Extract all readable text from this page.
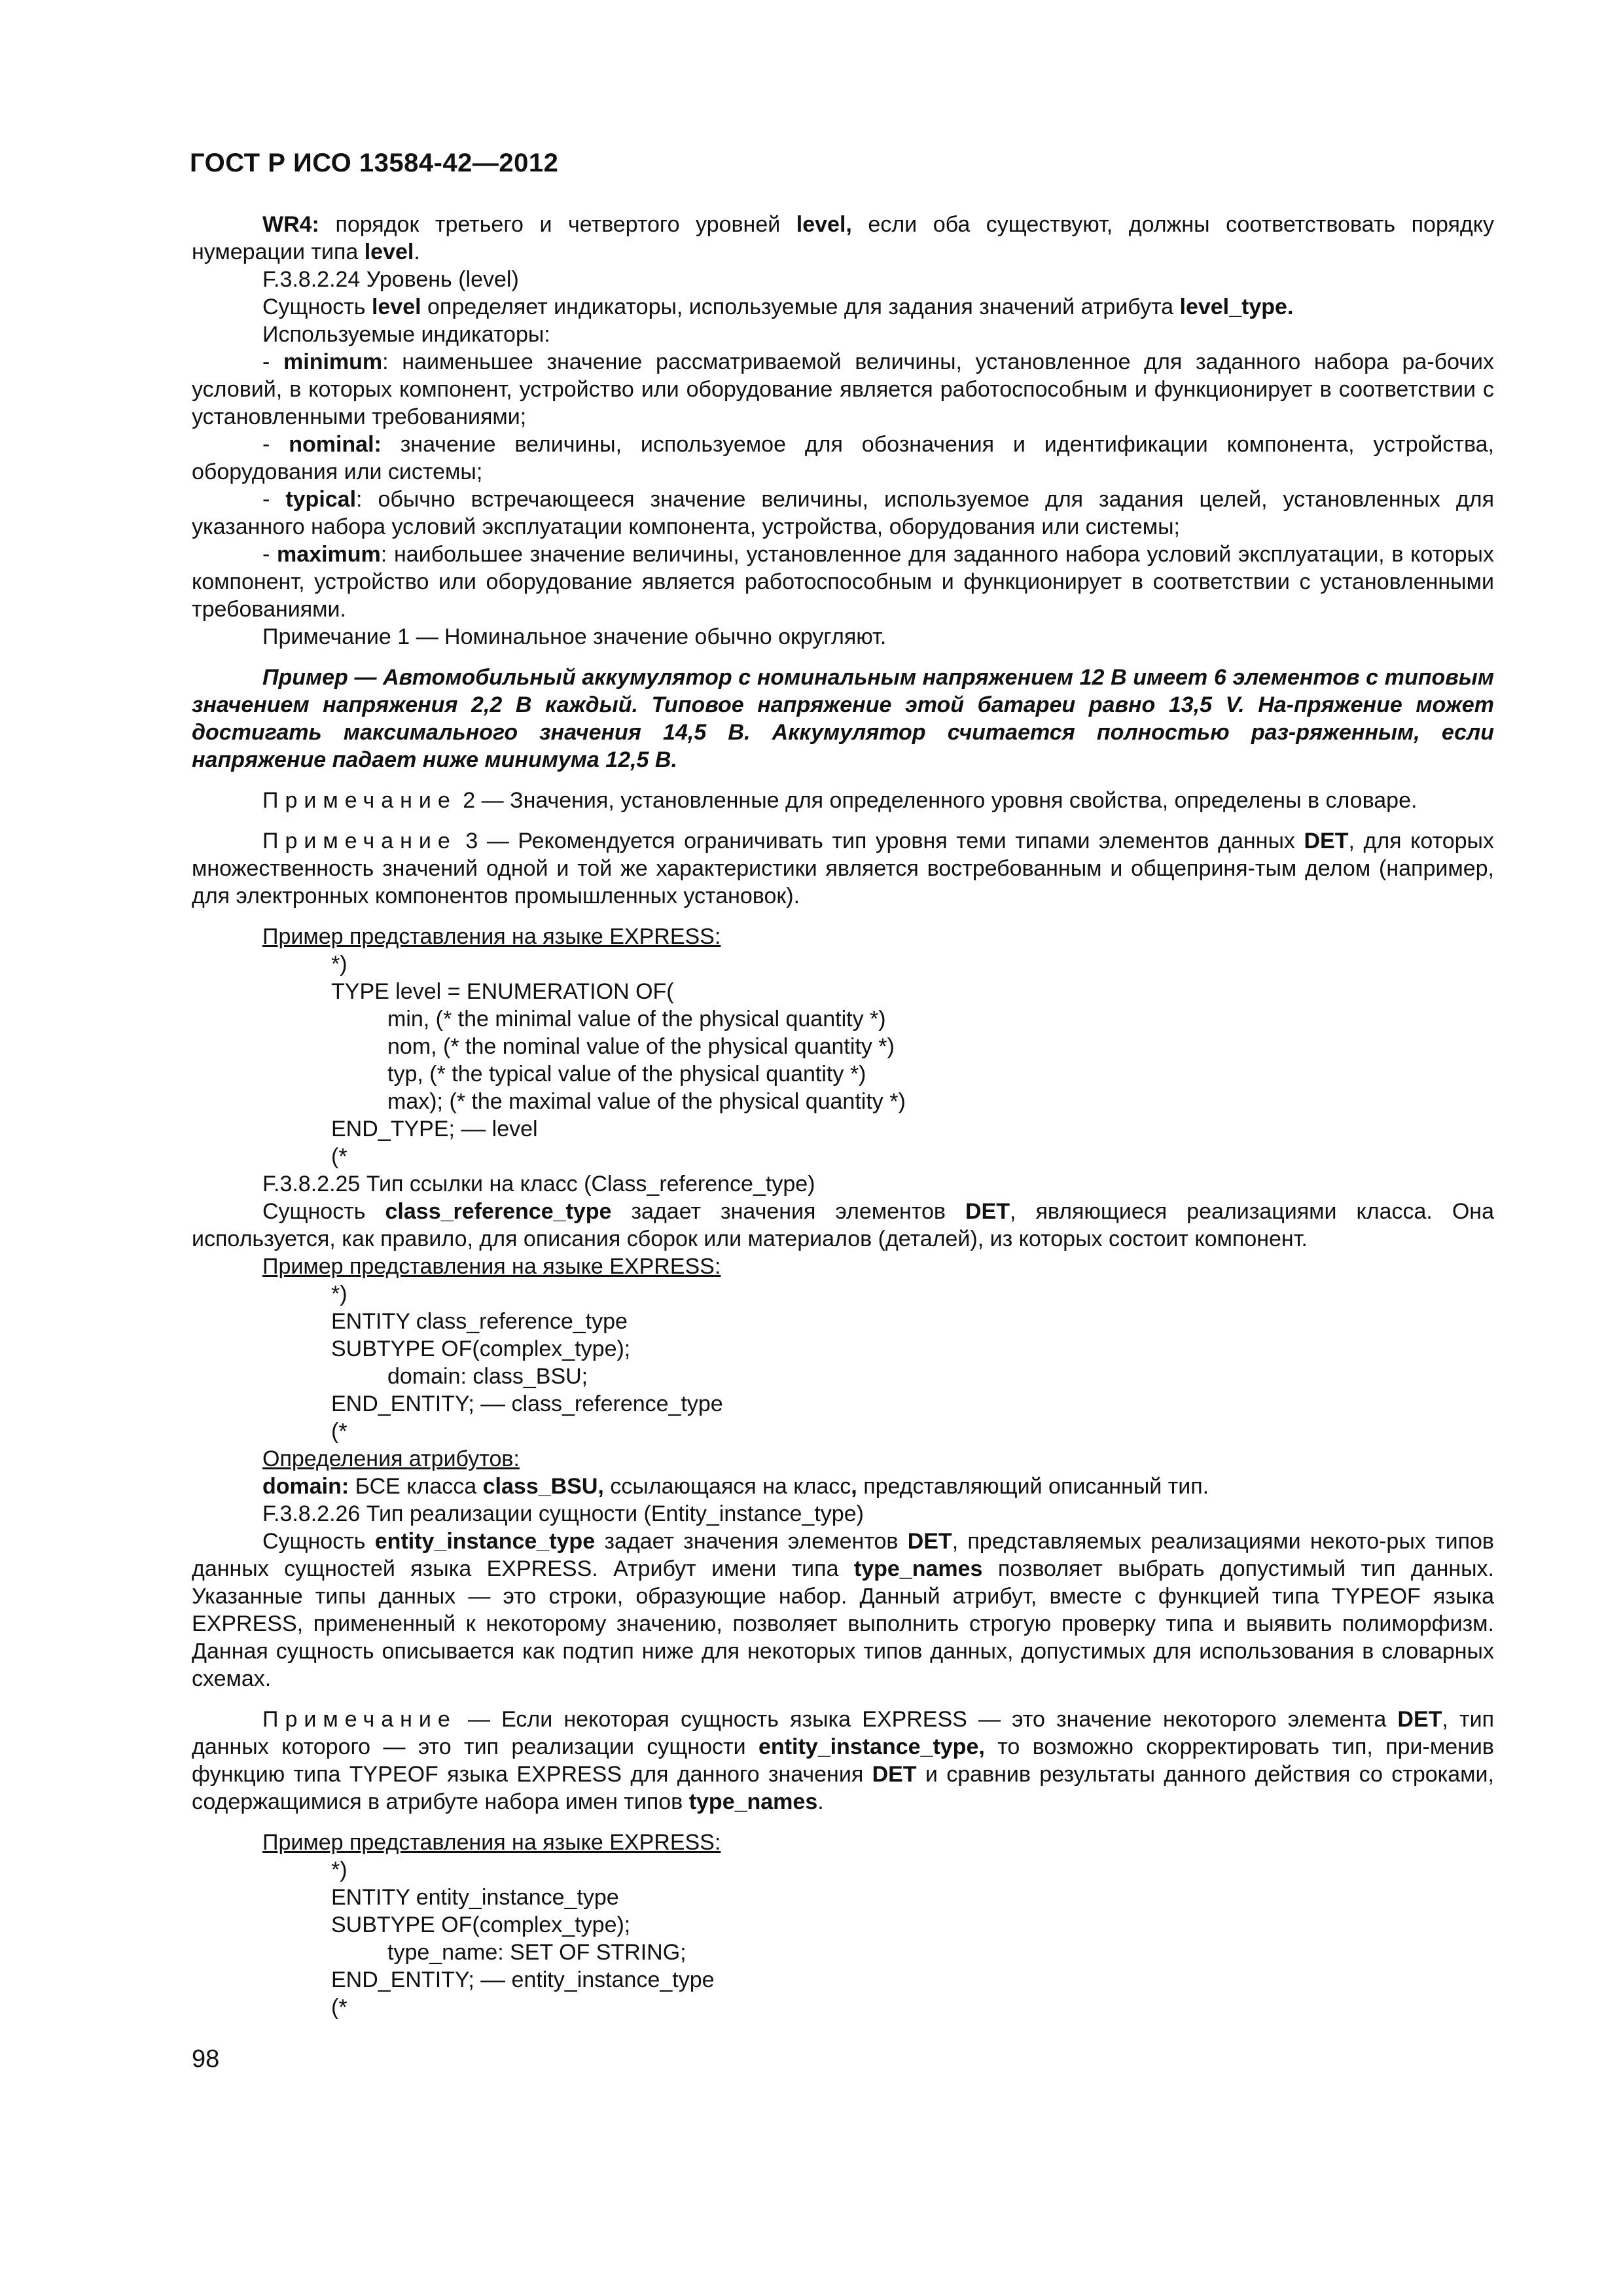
ГОСТ Р ИСО 13584-42—2012

WR4: порядок третьего и четвертого уровней level, если оба существуют, должны соответствовать порядку нумерации типа level.

F.3.8.2.24 Уровень (level)

Сущность level определяет индикаторы, используемые для задания значений атрибута level_type.

Используемые индикаторы:

- minimum: наименьшее значение рассматриваемой величины, установленное для заданного набора ра-бочих условий, в которых компонент, устройство или оборудование является работоспособным и функционирует в соответствии с установленными требованиями;

- nominal: значение величины, используемое для обозначения и идентификации компонента, устройства, оборудования или системы;

- typical: обычно встречающееся значение величины, используемое для задания целей, установленных для указанного набора условий эксплуатации компонента, устройства, оборудования или системы;

- maximum: наибольшее значение величины, установленное для заданного набора условий эксплуатации, в которых компонент, устройство или оборудование является работоспособным и функционирует в соответствии с установленными требованиями.

Примечание 1 — Номинальное значение обычно округляют.

Пример — Автомобильный аккумулятор с номинальным напряжением 12 В имеет 6 элементов с типовым значением напряжения 2,2 В каждый. Типовое напряжение этой батареи равно 13,5 V. На-пряжение может достигать максимального значения 14,5 В. Аккумулятор считается полностью раз-ряженным, если напряжение падает ниже минимума 12,5 В.

Примечание 2 — Значения, установленные для определенного уровня свойства, определены в словаре.

Примечание 3 — Рекомендуется ограничивать тип уровня теми типами элементов данных DET, для которых множественность значений одной и той же характеристики является востребованным и общеприня-тым делом (например, для электронных компонентов промышленных установок).

Пример представления на языке EXPRESS:

*)

TYPE level = ENUMERATION OF(

min, (* the minimal value of the physical quantity *)

nom, (* the nominal value of the physical quantity *)

typ, (* the typical value of the physical quantity *)

max); (* the maximal value of the physical quantity *)

END_TYPE; –– level

(*

F.3.8.2.25 Тип ссылки на класс (Class_reference_type)

Сущность class_reference_type задает значения элементов DET, являющиеся реализациями класса. Она используется, как правило, для описания сборок или материалов (деталей), из которых состоит компонент.

Пример представления на языке EXPRESS:

*)

ENTITY class_reference_type

SUBTYPE OF(complex_type);

domain: class_BSU;

END_ENTITY; –– class_reference_type

(*

Определения атрибутов:

domain: БСЕ класса class_BSU, ссылающаяся на класс, представляющий описанный тип.

F.3.8.2.26 Тип реализации сущности (Entity_instance_type)

Сущность entity_instance_type задает значения элементов DET, представляемых реализациями некото-рых типов данных сущностей языка EXPRESS. Атрибут имени типа type_names позволяет выбрать допустимый тип данных. Указанные типы данных — это строки, образующие набор. Данный атрибут, вместе с функцией типа TYPEOF языка EXPRESS, примененный к некоторому значению, позволяет выполнить строгую проверку типа и выявить полиморфизм. Данная сущность описывается как подтип ниже для некоторых типов данных, допустимых для использования в словарных схемах.

Примечание — Если некоторая сущность языка EXPRESS — это значение некоторого элемента DET, тип данных которого — это тип реализации сущности entity_instance_type, то возможно скорректировать тип, при-менив функцию типа TYPEOF языка EXPRESS для данного значения DET и сравнив результаты данного действия со строками, содержащимися в атрибуте набора имен типов type_names.

Пример представления на языке EXPRESS:

*)

ENTITY entity_instance_type

SUBTYPE OF(complex_type);

type_name: SET OF STRING;

END_ENTITY; –– entity_instance_type

(*

98
